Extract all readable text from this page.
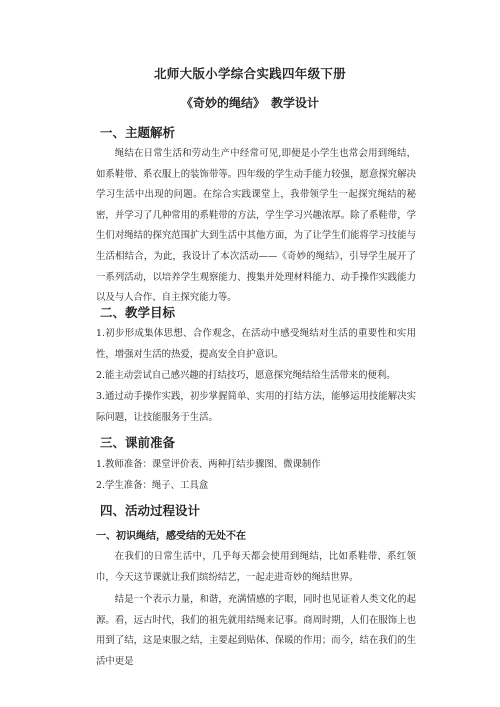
北师大版小学综合实践四年级下册
《奇妙的绳结》　教学设计
一、主题解析

绳结在日常生活和劳动生产中经常可见,即便是小学生也常会用到绳结，如系鞋带、系衣服上的装饰带等。四年级的学生动手能力较强，愿意探究解决学习生活中出现的问题。在综合实践课堂上，我带领学生一起探究绳结的秘密，并学习了几种常用的系鞋带的方法，学生学习兴趣浓厚。除了系鞋带，学生们对绳结的探究范围扩大到生活中其他方面，为了让学生们能将学习技能与生活相结合，为此，我设计了本次活动——《奇妙的绳结》，引导学生展开了一系列活动，以培养学生观察能力、搜集并处理材料能力、动手操作实践能力以及与人合作、自主探究能力等。

二、教学目标

1.初步形成集体思想、合作观念，在活动中感受绳结对生活的重要性和实用性，增强对生活的热爱，提高安全自护意识。

2.能主动尝试自己感兴趣的打结技巧，愿意探究绳结给生活带来的便利。

3.通过动手操作实践，初步掌握简单、实用的打结方法，能够运用技能解决实际问题，让技能服务于生活。

三、课前准备

1.教师准备：课堂评价表、两种打结步骤图、微课制作

2.学生准备：绳子、工具盒

四、活动过程设计
一、初识绳结，感受结的无处不在

在我们的日常生活中，几乎每天都会使用到绳结，比如系鞋带、系红领巾，今天这节课就让我们缤纷结艺，一起走进奇妙的绳结世界。

结是一个表示力量，和谐，充满情感的字眼，同时也见证着人类文化的起源。看，远古时代，我们的祖先就用结绳来记事。商周时期，人们在服饰上也用到了结，这是束服之结，主要起到贴体、保暖的作用；而今，结在我们的生活中更是
